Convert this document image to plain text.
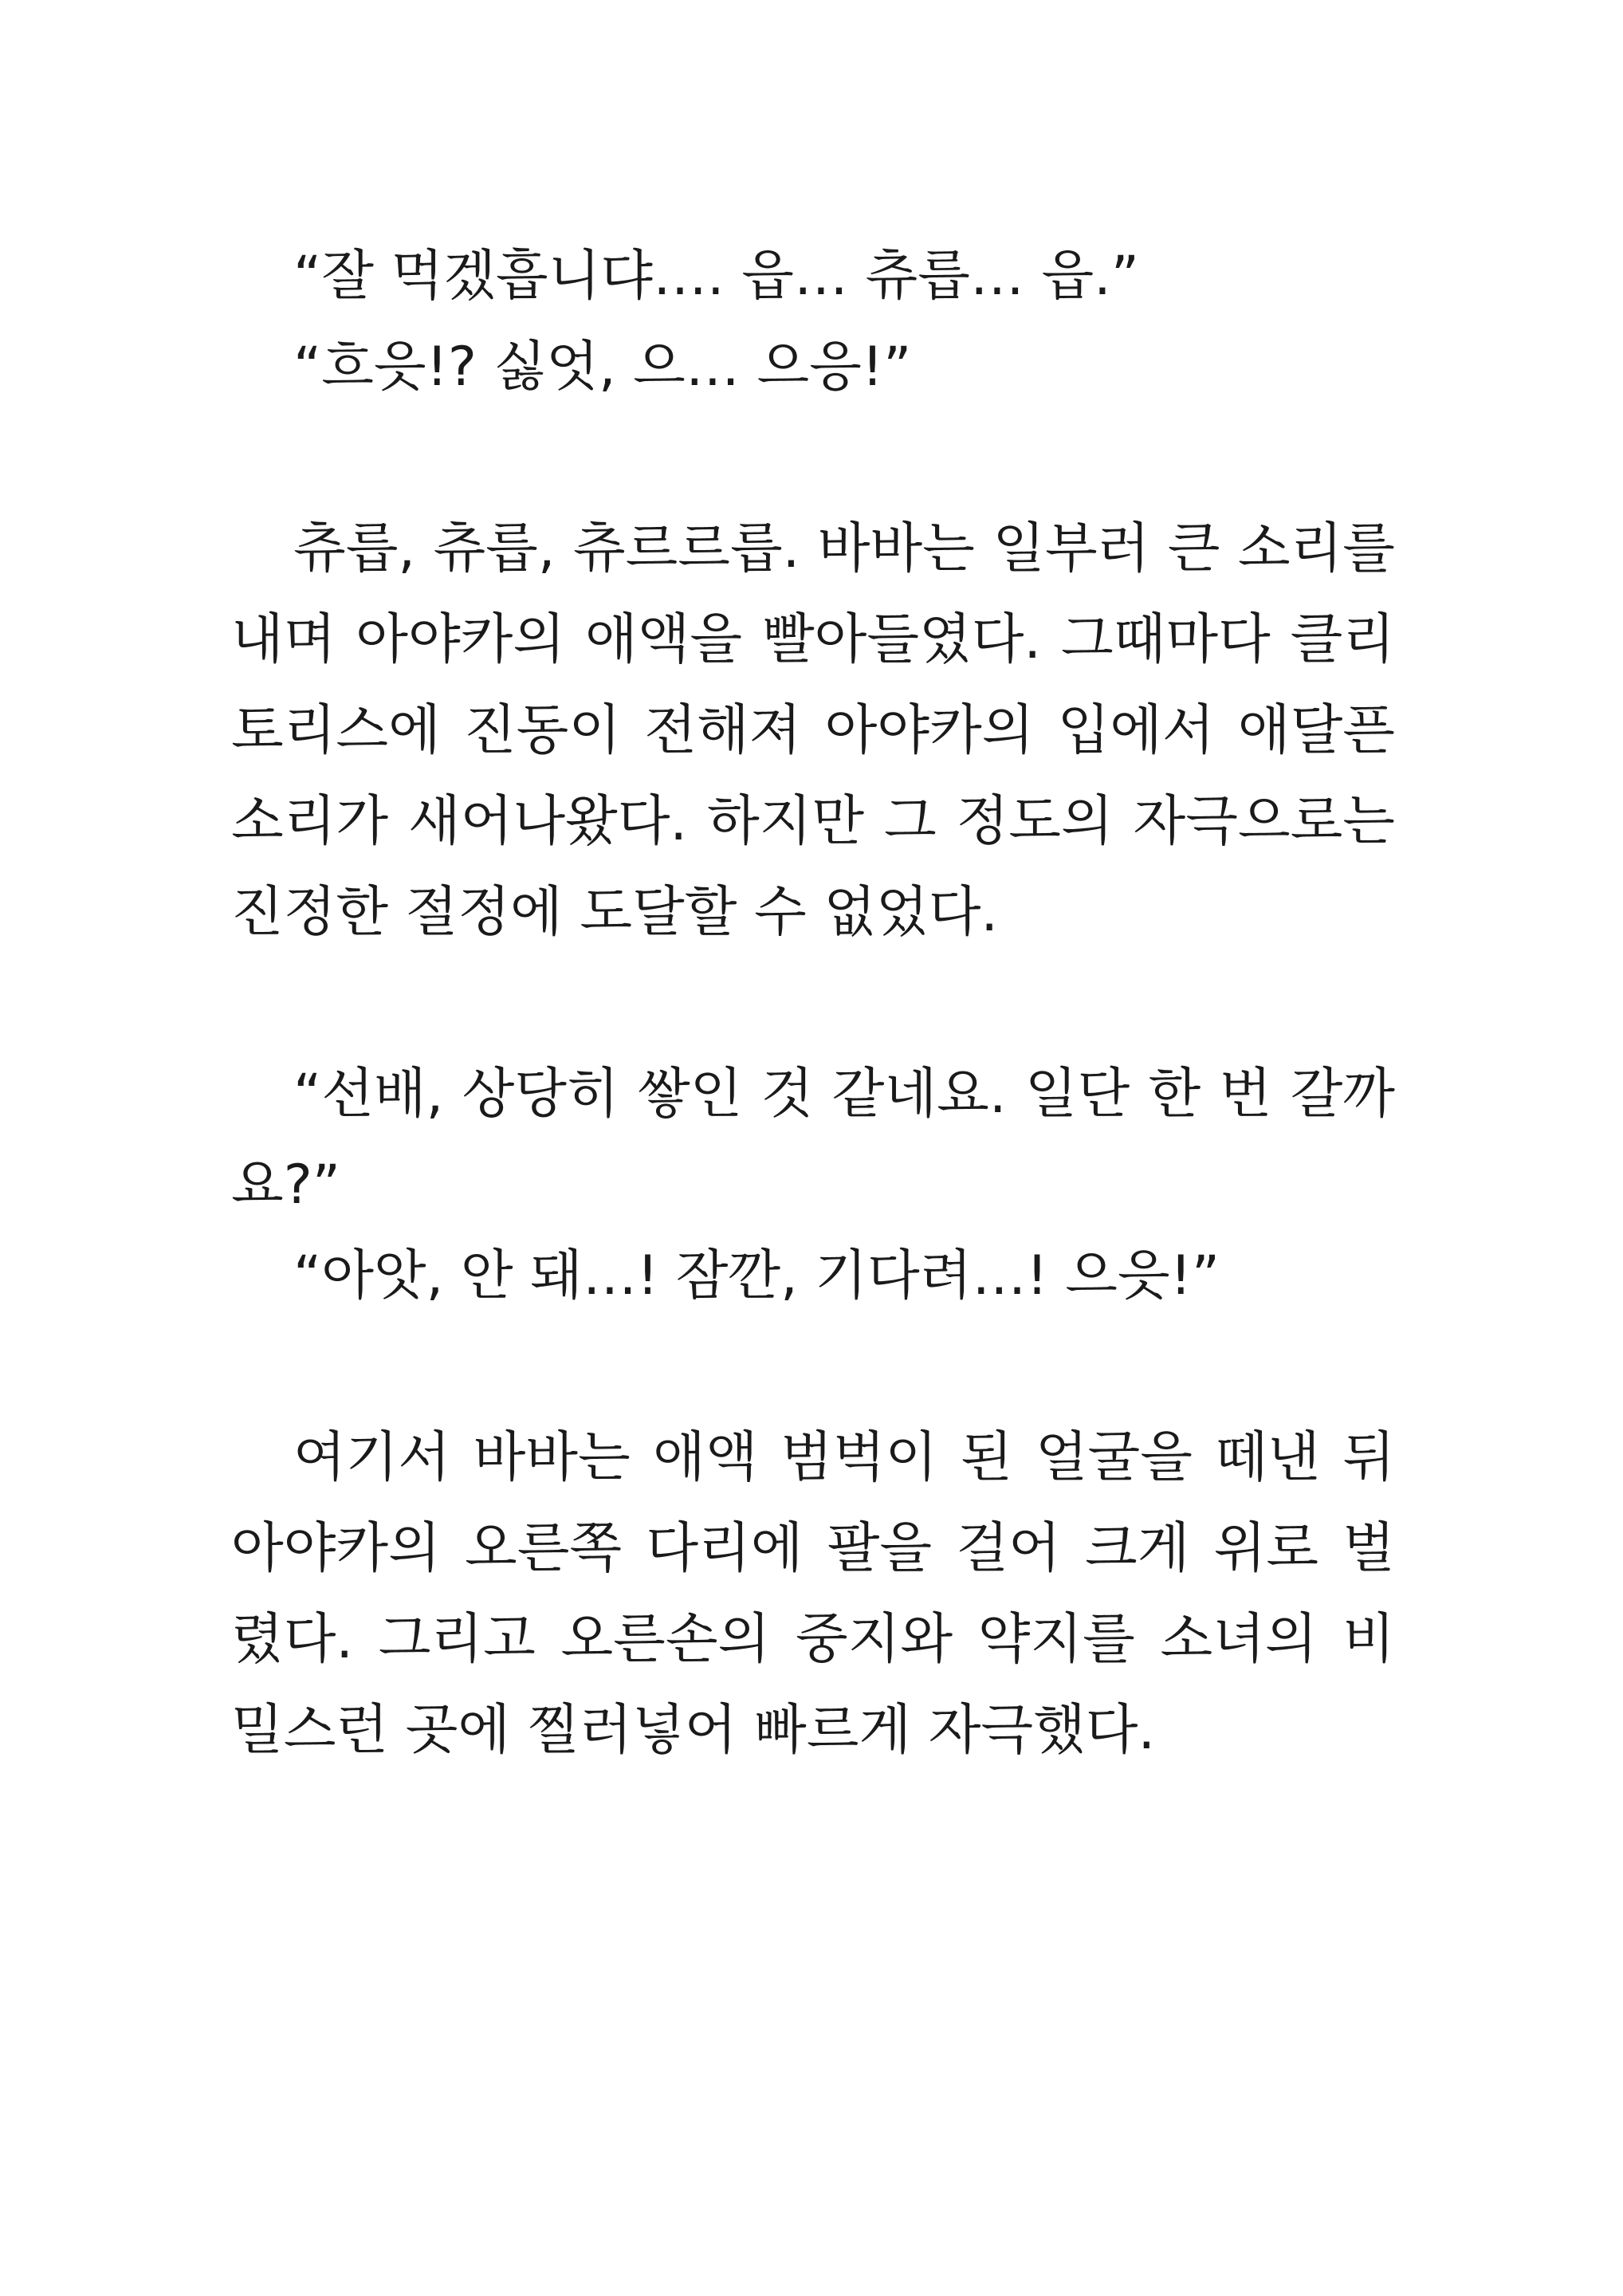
“잘 먹겠흡니댜…. 읍… 츄릅… 읍.”

“흐읏!? 싫엇, 으… 으응!”

츄릅, 츄릅, 츄르르릅. 바바는 일부러 큰 소리를 내며 아야카의 애액을 빨아들였다. 그때마다 클리토리스에 진동이 전해져 아야카의 입에서 애달픈 소리가 새어나왔다. 하지만 그 정도의 자극으로는 진정한 절정에 도달할 수 없었다.

“선배, 상당히 쌓인 것 같네요. 일단 한 번 갈까요?”

“아앗, 안 돼…! 잠깐, 기다려…! 으읏!”

여기서 바바는 애액 범벅이 된 얼굴을 떼낸 뒤 아야카의 오른쪽 다리에 팔을 걸어 크게 위로 벌렸다. 그리고 오른손의 중지와 약지를 소녀의 비밀스런 곳에 찔러넣어 빠르게 자극했다.
